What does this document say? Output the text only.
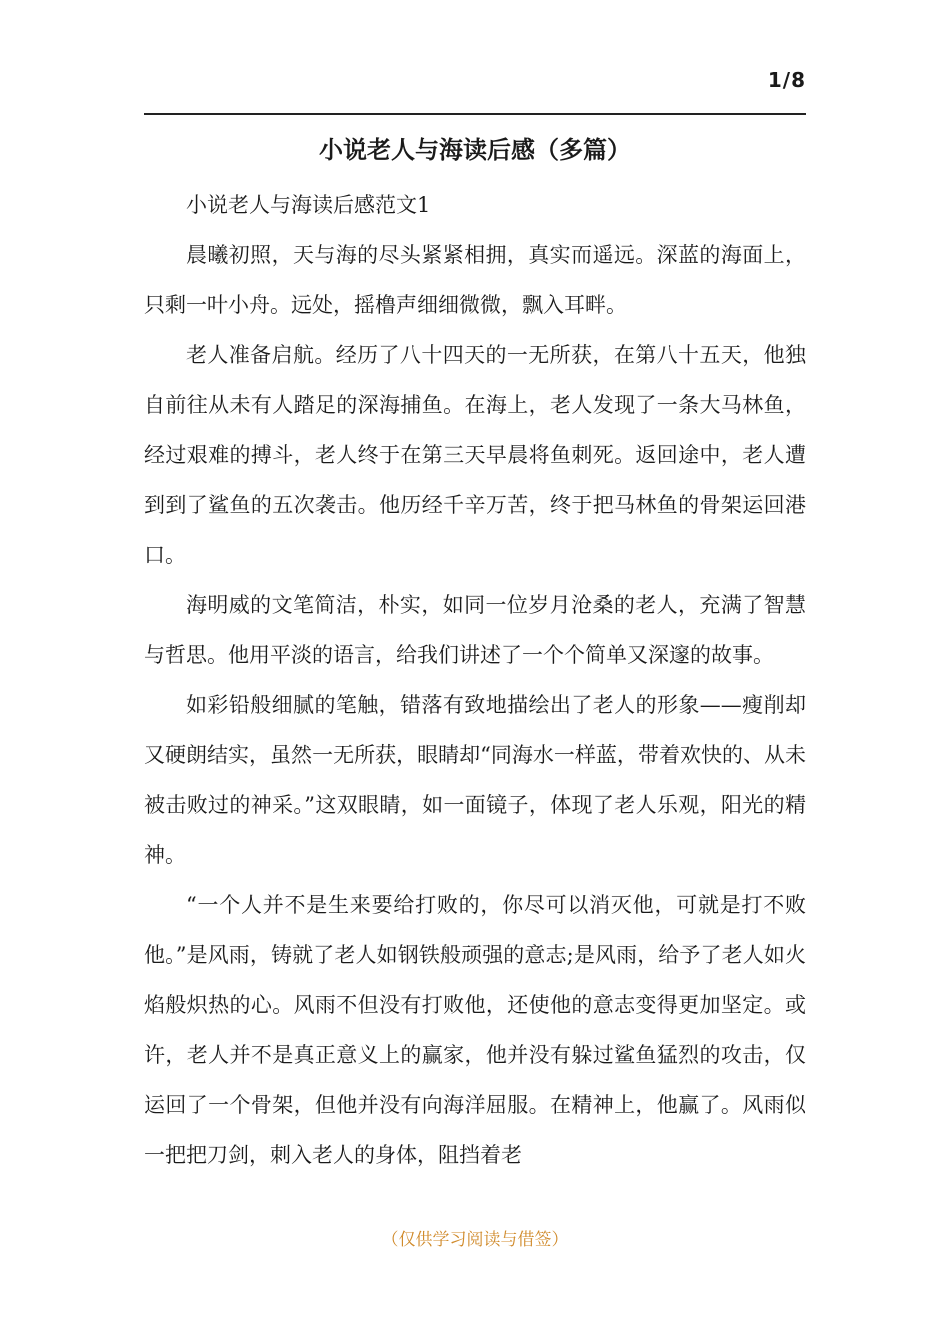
1/8
小说老人与海读后感（多篇）

小说老人与海读后感范文1

晨曦初照，天与海的尽头紧紧相拥，真实而遥远。深蓝的海面上，只剩一叶小舟。远处，摇橹声细细微微，飘入耳畔。

老人准备启航。经历了八十四天的一无所获，在第八十五天，他独自前往从未有人踏足的深海捕鱼。在海上，老人发现了一条大马林鱼，经过艰难的搏斗，老人终于在第三天早晨将鱼刺死。返回途中，老人遭到到了鲨鱼的五次袭击。他历经千辛万苦，终于把马林鱼的骨架运回港口。

海明威的文笔简洁，朴实，如同一位岁月沧桑的老人，充满了智慧与哲思。他用平淡的语言，给我们讲述了一个个简单又深邃的故事。

如彩铅般细腻的笔触，错落有致地描绘出了老人的形象——瘦削却又硬朗结实，虽然一无所获，眼睛却“同海水一样蓝，带着欢快的、从未被击败过的神采。”这双眼睛，如一面镜子，体现了老人乐观，阳光的精神。

“一个人并不是生来要给打败的，你尽可以消灭他，可就是打不败他。”是风雨，铸就了老人如钢铁般顽强的意志;是风雨，给予了老人如火焰般炽热的心。风雨不但没有打败他，还使他的意志变得更加坚定。或许，老人并不是真正意义上的赢家，他并没有躲过鲨鱼猛烈的攻击，仅运回了一个骨架，但他并没有向海洋屈服。在精神上，他赢了。风雨似一把把刀剑，刺入老人的身体，阻挡着老

（仅供学习阅读与借签）
